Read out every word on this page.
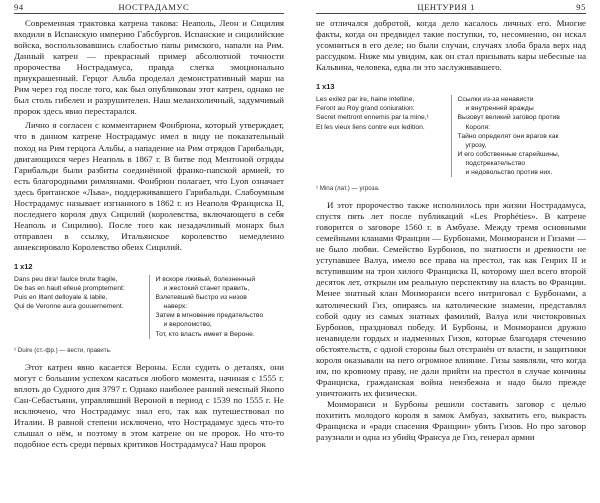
94	НОСТРАДАМУС

Современная трактовка катрена такова: Неаполь, Леон и Сицилия входили в Испанскую империю Габсбургов. Испанские и сицилийские войска, воспользовавшись слабостью папы римского, напали на Рим. Данный катрен — прекрасный пример абсолютной точности пророчества Нострадамуса, правда слегка эмоционально приукрашенный. Герцог Альба проделал демонстративный марш на Рим через год после того, как был опубликован этот катрен, однако не был столь гибелен и разрушителен. Наш меланхоличный, задумчивый пророк здесь явно перестарался.

Лично я согласен с комментарием Фонбрюна, который утверждает, что в данном катрене Нострадамус имел в виду не показательный поход на Рим герцога Альбы, а нападение на Рим отрядов Гарибальди, двигающихся через Неаполь в 1867 г. В битве под Ментоной отряды Гарибальди были разбиты соединённой франко-папской армией, то есть благородными римлянами. Фонбрюн полагает, что Lyon означает здесь британское «Льва», поддерживавшего Гарибальди. Слабоумным Нострадамус называет изгнанного в 1862 г. из Неаполя Франциска II, последнего короля двух Сицилий (королевства, включающего в себя Неаполь и Сицилию). После того как незадачливый монарх был отправлен в ссылку, Итальянское королевство немедленно аннексировало Королевство обеих Сицилий.

1 x12
Dans peu dira¹ faulce brute fragile,
De bas en hault eſleué promptement:
Puis en Iſtant deſloyale & labile,
Qui de Veronne aura gouuernement.
И вскоре лживый, болезненный
и жестокий станет править,
Взлетевший быстро из низов
наверх:
Затем в мгновение предательство
и вероломство,
Тот, кто власть имеет в Вероне.
¹ Duire (ст.-фр.) — вести, править.

Этот катрен явно касается Вероны. Если судить о деталях, они могут с большим успехом касаться любого момента, начиная с 1555 г. вплоть до Судного дня 3797 г. Однако наиболее ранний неясный Якопо Сан-Себастьяни, управлявший Вероной в период с 1539 по 1555 г. Не исключено, что Нострадамус знал его, так как путешествовал по Италии. В равной степени исключено, что Нострадамус здесь что-то слышал о нём, и поэтому в этом катрене он не пророк. Но что-то подобное есть среди первых критиков Нострадамуса? Наш пророк

ЦЕНТУРИЯ 1	95

не отличался добротой, когда дело касалось личных его. Многие факты, когда он предвидел такие поступки, то, несомненно, он искал усомниться в его деле; но были случаи, случаях злоба брала верх над рассудком. Ниже мы увидим, как он стал призывать кары небесные на Кальвина, человека, едва ли это заслуживавшего.

1 x13
Les exilez par ire, haine inteſtine,
Feront au Roy grand coniuration:
Secret mettront ennemis par la mine,¹
Et ſes vieux ſiens contre eux ſedition.
Ссылки из-за ненависти
и внутренней вражды
Вызовут великий заговор против
Короля:
Тайно определят они врагов как
угрозу,
И его собственные старейшины,
подстрекательство
и недовольство против них.
¹ Mina (лат.) — угроза.

И этот пророчество также исполнилось при жизни Нострадамуса, спустя пять лет после публикаций «Les Prophéties». В катрене говорится о заговоре 1560 г. в Амбуазе. Между тремя основными семейными кланами Франции — Бурбонами, Монморанси и Гизами — не было любви. Семейство Бурбонов, по знатности и древности не уступавшее Валуа, имело все права на престол, так как Генрих II и вступившим на трон хилого Франциска II, которому шел всего второй десяток лет, открыли им реальную перспективу на власть во Франции. Менее знатный клан Монморанси всего интриговал с Бурбонами, а католический Гиз, опираясь на католические знамени, представлял собой одну из самых знатных фамилий, Валуа или чистокровных Бурбонов, праздновал победу. И Бурбоны, и Монморанси дружно ненавидели гордых и надменных Гизов, которые благодаря стечению обстоятельств, с одной стороны был отстранён от власти, и защитники короля оказывали на него огромное влияние. Гизы заявляли, что когда им, по кровному праву, не дали прийти на престол в случае кончины Франциска, гражданская война неизбежна и надо было прежде уничтожить их физически.

Монморанси и Бурбоны решили составить заговор с целью похитить молодого короля в замок Амбуаз, захватить его, выкрасть Франциска и «ради спасения Франции» убить Гизов. Но про заговор разузнали и одна из убийц Франсуа де Гиз, генерал армии
